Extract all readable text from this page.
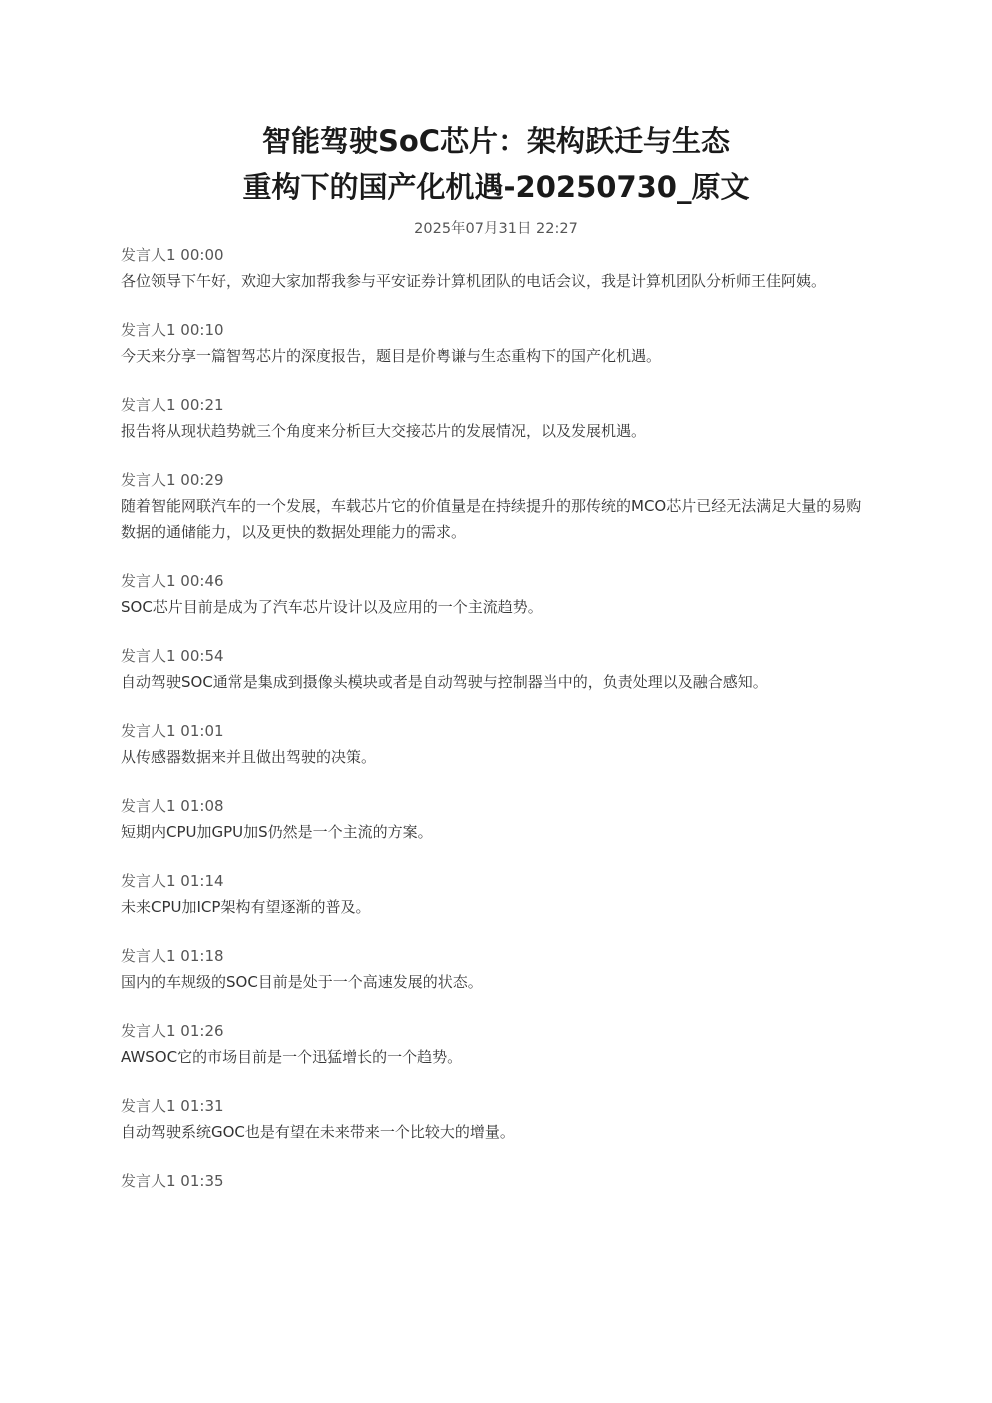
智能驾驶SoC芯片：架构跃迁与生态
重构下的国产化机遇-20250730_原文
2025年07月31日 22:27
发言人1 00:00
各位领导下午好，欢迎大家加帮我参与平安证券计算机团队的电话会议，我是计算机团队分析师王佳阿姨。
发言人1 00:10
今天来分享一篇智驾芯片的深度报告，题目是价粤谦与生态重构下的国产化机遇。
发言人1 00:21
报告将从现状趋势就三个角度来分析巨大交接芯片的发展情况，以及发展机遇。
发言人1 00:29
随着智能网联汽车的一个发展，车载芯片它的价值量是在持续提升的那传统的MCO芯片已经无法满足大量的易购数据的通储能力，以及更快的数据处理能力的需求。
发言人1 00:46
SOC芯片目前是成为了汽车芯片设计以及应用的一个主流趋势。
发言人1 00:54
自动驾驶SOC通常是集成到摄像头模块或者是自动驾驶与控制器当中的，负责处理以及融合感知。
发言人1 01:01
从传感器数据来并且做出驾驶的决策。
发言人1 01:08
短期内CPU加GPU加S仍然是一个主流的方案。
发言人1 01:14
未来CPU加ICP架构有望逐渐的普及。
发言人1 01:18
国内的车规级的SOC目前是处于一个高速发展的状态。
发言人1 01:26
AWSOC它的市场目前是一个迅猛增长的一个趋势。
发言人1 01:31
自动驾驶系统GOC也是有望在未来带来一个比较大的增量。
发言人1 01:35
